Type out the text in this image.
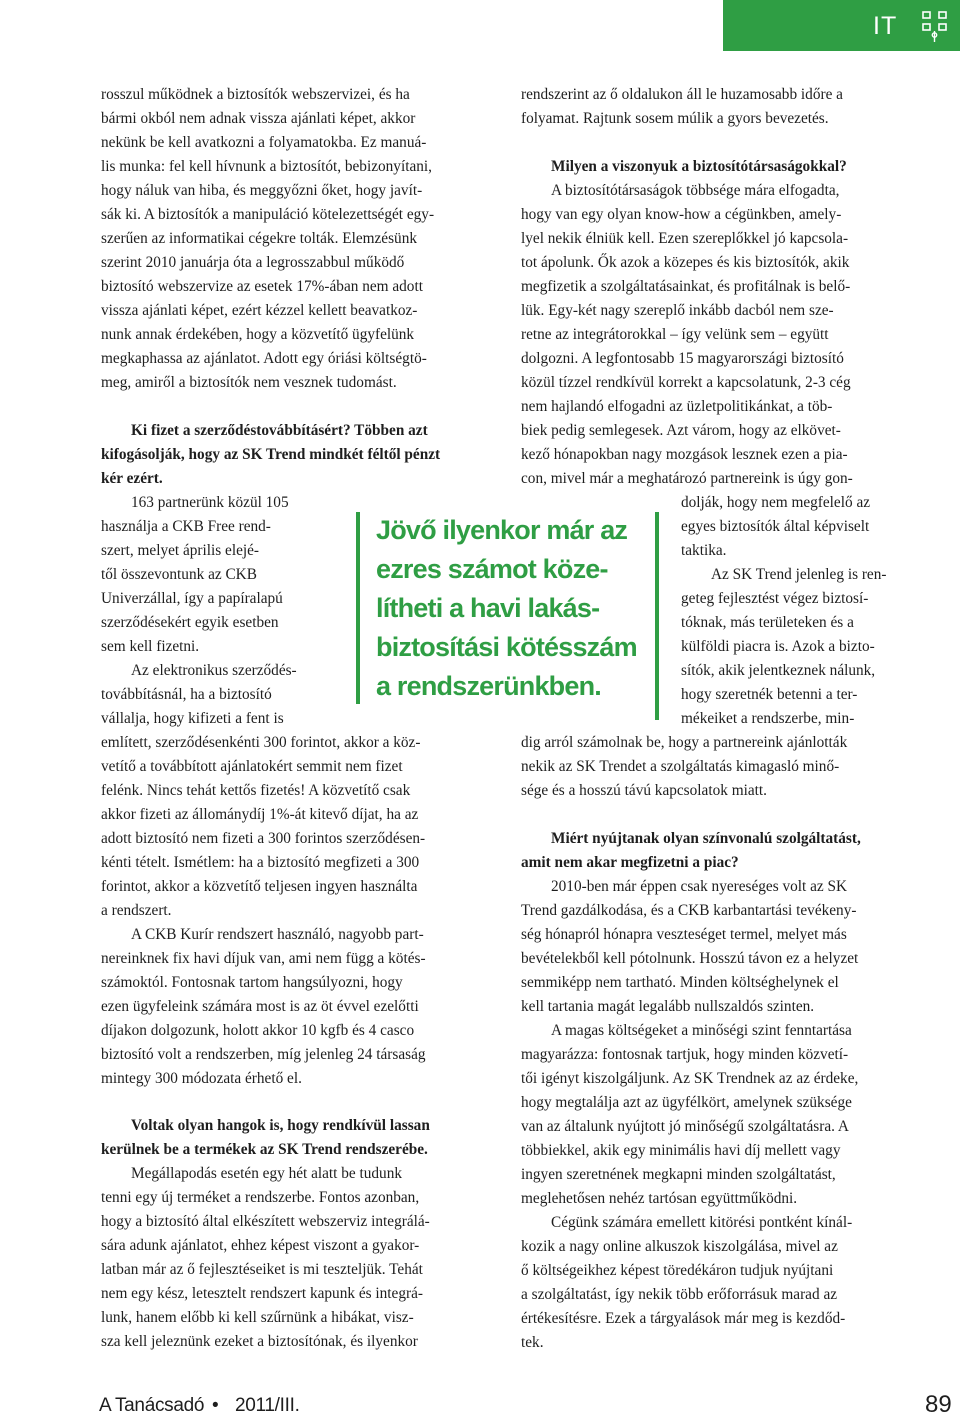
IT

rosszul működnek a biztosítók webszervizei, és ha

bármi okból nem adnak vissza ajánlati képet, akkor

nekünk be kell avatkozni a folyamatokba. Ez manuá-

lis munka: fel kell hívnunk a biztosítót, bebizonyítani,

hogy náluk van hiba, és meggyőzni őket, hogy javít-

sák ki. A biztosítók a manipuláció kötelezettségét egy-

szerűen az informatikai cégekre tolták. Elemzésünk

szerint 2010 januárja óta a legrosszabbul működő

biztosító webszervize az esetek 17%-ában nem adott

vissza ajánlati képet, ezért kézzel kellett beavatkoz-

nunk annak érdekében, hogy a közvetítő ügyfelünk

megkaphassa az ajánlatot. Adott egy óriási költségtö-

meg, amiről a biztosítók nem vesznek tudomást.

Ki fizet a szerződéstovábbításért? Többen azt

kifogásolják, hogy az SK Trend mindkét féltől pénzt

kér ezért.

163 partnerünk közül 105

használja a CKB Free rend-

szert, melyet április elejé-

től összevontunk az CKB

Univerzállal, így a papíralapú

szerződésekért egyik esetben

sem kell fizetni.

Az elektronikus szerződés-

továbbításnál, ha a biztosító

vállalja, hogy kifizeti a fent is

említett, szerződésenkénti 300 forintot, akkor a köz-

vetítő a továbbított ajánlatokért semmit nem fizet

felénk. Nincs tehát kettős fizetés! A közvetítő csak

akkor fizeti az állománydíj 1%-át kitevő díjat, ha az

adott biztosító nem fizeti a 300 forintos szerződésen-

kénti tételt. Ismétlem: ha a biztosító megfizeti a 300

forintot, akkor a közvetítő teljesen ingyen használta

a rendszert.

A CKB Kurír rendszert használó, nagyobb part-

nereinknek fix havi díjuk van, ami nem függ a kötés-

számoktól. Fontosnak tartom hangsúlyozni, hogy

ezen ügyfeleink számára most is az öt évvel ezelőtti

díjakon dolgozunk, holott akkor 10 kgfb és 4 casco

biztosító volt a rendszerben, míg jelenleg 24 társaság

mintegy 300 módozata érhető el.

Voltak olyan hangok is, hogy rendkívül lassan

kerülnek be a termékek az SK Trend rendszerébe.

Megállapodás esetén egy hét alatt be tudunk

tenni egy új terméket a rendszerbe. Fontos azonban,

hogy a biztosító által elkészített webszerviz integrálá-

sára adunk ajánlatot, ehhez képest viszont a gyakor-

latban már az ő fejlesztéseiket is mi teszteljük. Tehát

nem egy kész, letesztelt rendszert kapunk és integrá-

lunk, hanem előbb ki kell szűrnünk a hibákat, visz-

sza kell jeleznünk ezeket a biztosítónak, és ilyenkor

Jövő ilyenkor már az

ezres számot köze-

lítheti a havi lakás-

biztosítási kötésszám

a rendszerünkben.

rendszerint az ő oldalukon áll le huzamosabb időre a

folyamat. Rajtunk sosem múlik a gyors bevezetés.

Milyen a viszonyuk a biztosítótársaságokkal?

A biztosítótársaságok többsége mára elfogadta,

hogy van egy olyan know-how a cégünkben, amely-

lyel nekik élniük kell. Ezen szereplőkkel jó kapcsola-

tot ápolunk. Ők azok a közepes és kis biztosítók, akik

megfizetik a szolgáltatásainkat, és profitálnak is belő-

lük. Egy-két nagy szereplő inkább dacból nem sze-

retne az integrátorokkal – így velünk sem – együtt

dolgozni. A legfontosabb 15 magyarországi biztosító

közül tízzel rendkívül korrekt a kapcsolatunk, 2-3 cég

nem hajlandó elfogadni az üzletpolitikánkat, a töb-

biek pedig semlegesek. Azt várom, hogy az elkövet-

kező hónapokban nagy mozgások lesznek ezen a pia-

con, mivel már a meghatározó partnereink is úgy gon-

dolják, hogy nem megfelelő az

egyes biztosítók által képviselt

taktika.

Az SK Trend jelenleg is ren-

geteg fejlesztést végez biztosí-

tóknak, más területeken és a

külföldi piacra is. Azok a bizto-

sítók, akik jelentkeznek nálunk,

hogy szeretnék betenni a ter-

mékeiket a rendszerbe, min-

dig arról számolnak be, hogy a partnereink ajánlották

nekik az SK Trendet a szolgáltatás kimagasló minő-

sége és a hosszú távú kapcsolatok miatt.

Miért nyújtanak olyan színvonalú szolgáltatást,

amit nem akar megfizetni a piac?

2010-ben már éppen csak nyereséges volt az SK

Trend gazdálkodása, és a CKB karbantartási tevékeny-

ség hónapról hónapra veszteséget termel, melyet más

bevételekből kell pótolnunk. Hosszú távon ez a helyzet

semmiképp nem tartható. Minden költséghelynek el

kell tartania magát legalább nullszaldós szinten.

A magas költségeket a minőségi szint fenntartása

magyarázza: fontosnak tartjuk, hogy minden közvetí-

tői igényt kiszolgáljunk. Az SK Trendnek az az érdeke,

hogy megtalálja azt az ügyfélkört, amelynek szüksége

van az általunk nyújtott jó minőségű szolgáltatásra. A

többiekkel, akik egy minimális havi díj mellett vagy

ingyen szeretnének megkapni minden szolgáltatást,

meglehetősen nehéz tartósan együttműködni.

Cégünk számára emellett kitörési pontként kínál-

kozik a nagy online alkuszok kiszolgálása, mivel az

ő költségeikhez képest töredékáron tudjuk nyújtani

a szolgáltatást, így nekik több erőforrásuk marad az

értékesítésre. Ezek a tárgyalások már meg is kezdőd-

tek.

A Tanácsadó • 2011/III.	89
